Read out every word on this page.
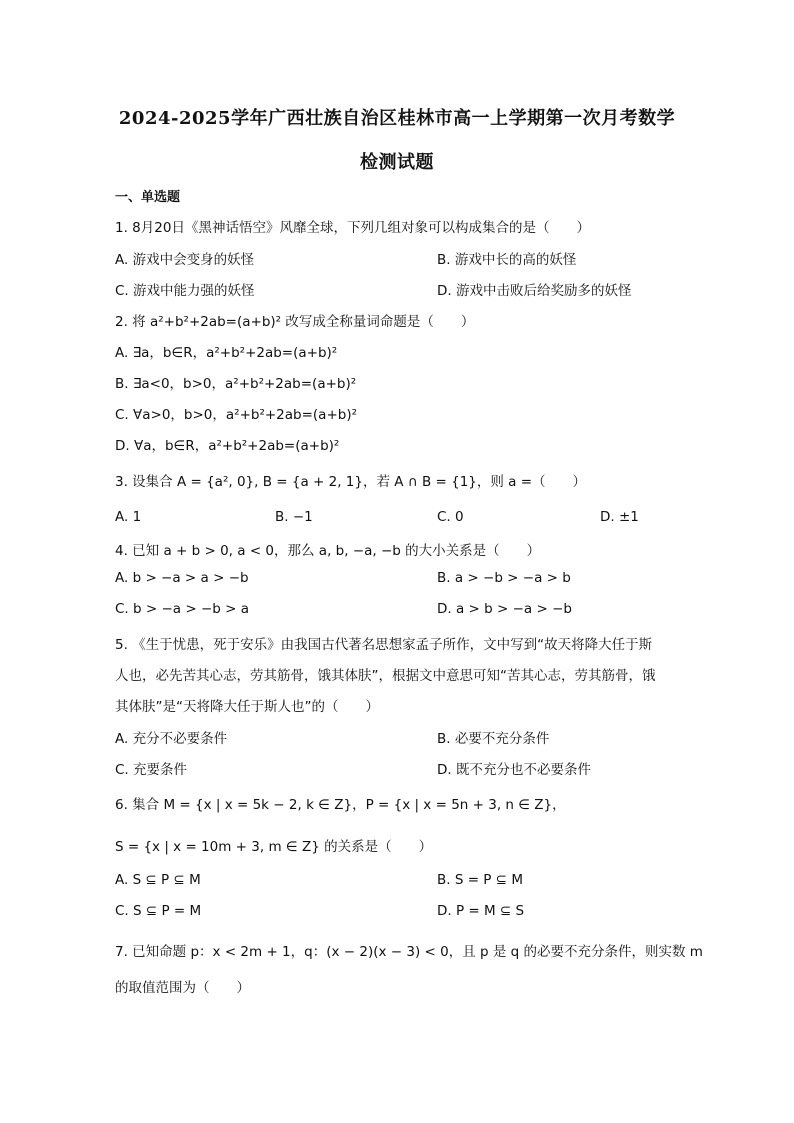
2024-2025学年广西壮族自治区桂林市高一上学期第一次月考数学
检测试题
一、单选题
1. 8月20日《黑神话悟空》风靡全球，下列几组对象可以构成集合的是（　　）
A. 游戏中会变身的妖怪	B. 游戏中长的高的妖怪
C. 游戏中能力强的妖怪	D. 游戏中击败后给奖励多的妖怪
2. 将 a²+b²+2ab=(a+b)² 改写成全称量词命题是（　　）
A. ∃a，b∈R，a²+b²+2ab=(a+b)²
B. ∃a<0，b>0，a²+b²+2ab=(a+b)²
C. ∀a>0，b>0，a²+b²+2ab=(a+b)²
D. ∀a，b∈R，a²+b²+2ab=(a+b)²
3. 设集合 A = {a², 0}, B = {a + 2, 1}，若 A ∩ B = {1}，则 a =（　　）
A. 1	B. −1	C. 0	D. ±1
4. 已知 a + b > 0, a < 0，那么 a, b, −a, −b 的大小关系是（　　）
A. b > −a > a > −b	B. a > −b > −a > b
C. b > −a > −b > a	D. a > b > −a > −b
5. 《生于忧患，死于安乐》由我国古代著名思想家孟子所作，文中写到“故天将降大任于斯
人也，必先苦其心志，劳其筋骨，饿其体肤”，根据文中意思可知“苦其心志，劳其筋骨，饿
其体肤”是“天将降大任于斯人也”的（　　）
A. 充分不必要条件	B. 必要不充分条件
C. 充要条件	D. 既不充分也不必要条件
6. 集合 M = {x | x = 5k − 2, k ∈ Z}，P = {x | x = 5n + 3, n ∈ Z}，
S = {x | x = 10m + 3, m ∈ Z} 的关系是（　　）
A. S ⊆ P ⊆ M	B. S = P ⊆ M
C. S ⊆ P = M	D. P = M ⊆ S
7. 已知命题 p：x < 2m + 1，q：(x − 2)(x − 3) < 0，且 p 是 q 的必要不充分条件，则实数 m
的取值范围为（　　）
